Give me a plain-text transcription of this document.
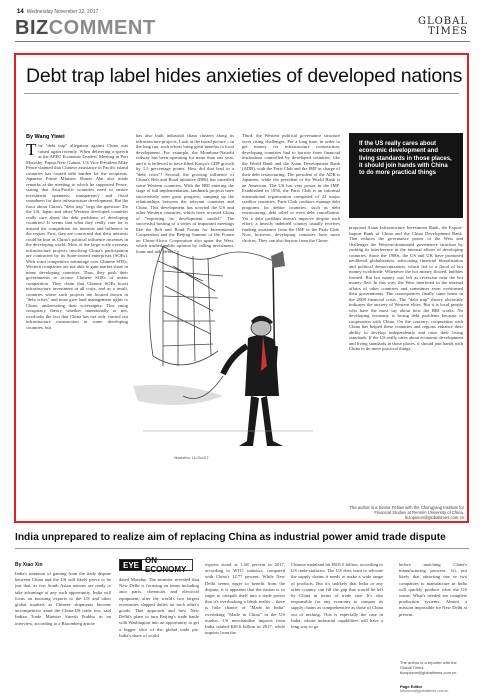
14 Wednesday November 22, 2017
BIZCOMMENT	GLOBAL
TIMES
Debt trap label hides anxieties of developed nations
By Wang Yiwei
The "debt trap" allegation against China was raised again recently. When delivering a speech at the APEC Economic Leaders' Meeting in Port Moresby, Papua New Guinea, US Vice President Mike Pence claimed that Chinese assistance to Pacific island countries has caused debt burden for the recipients. Japanese Prime Minister Shinzo Abe also made remarks at the meeting to which he supported Pence, stating that Asia-Pacific countries need to ensure investment openness, transparency and fiscal soundness for their infrastructure development. But the furor about China's "debt trap" begs the question: Do the US, Japan and other Western developed countries really care about the debt problems of developing countries? It seems that what they really care for is instead the competition for interests and influence in the region. First, they are concerned that their interests could be hurt as China's political influence increases in the developing world. Most of the large-scale overseas infrastructure projects involving China's participation are contracted by its State-owned enterprises (SOEs). With scant competitive advantage over Chinese SOEs, Western companies are not able to gain market share in many developing countries. Thus, they push their governments to accuse Chinese SOEs of unfair competition. They claim that Chinese SOEs boost infrastructure investment at all costs, and as a result, countries where such projects are located drown in "debt crises" and must give land management rights to China, undercutting their sovereignty. This smug conspiracy theory whether intentionally or not, overlooks the fact that China has not only carried out infrastructure construction in some developing countries, but
has also built industrial chain clusters along its infrastructure projects. Look at the broad picture – in the long run, such efforts bring great benefits to local development. For example, the Mombasa-Nairobi railway has been operating for more than one year, and it is believed to have lifted Kenya's GDP growth by 1.5 percentage points. How did that lead to a "debt crisis"? Second, the growing influence of China's Belt and Road initiative (BRI) has unsettled some Western countries. With the BRI entering the stage of full implementation, landmark projects have successively seen great progress, ramping up the relationships between the relevant countries and China. This development has worried the US and other Western countries, which have accused China of "exporting its development model." The successful hosting of a series of important meetings like the Belt and Road Forum for International Cooperation and the Beijing Summit of the Forum on China-Africa Cooperation also upset the West, which trashed public opinion by calling investment, loans and aid "debts."
Third, the Western political governance structure faces rising challenges. For a long time, in order to get money for infrastructure construction, developing countries had to borrow from financial institutions controlled by developed countries, like the World Bank and the Asian Development Bank (ADB), with the Paris Club and the IMF in charge of their debt restructuring. The president of the ADB is Japanese, while the president of the World Bank is an American. The US has veto power in the IMF. Established in 1956, the Paris Club is an informal international organization composed of 22 major creditor countries. Paris Club creditors manage debt programs for debtor countries, such as debt restructuring, debt relief or even debt cancellation. Yet a debt problem doesn't improve despite such effort; a heavily indebted country usually receives funding assistance from the IMF or the Paris Club. Now, however, developing countries have more choices. They can also borrow from the China-
If the US really cares about economic development and living standards in those places, it should join hands with China to do more practical things
proposed Asian Infrastructure Investment Bank, the Export-Import Bank of China and the China Development Bank. That reduces the governance power of the West and challenges the Western-dominated governance structure by curbing its interference in the internal affairs of developing countries. Since the 1980s, the US and UK have promoted neoliberal globalization, advocating financial liberalization and political democratization, which led to a flood of hot money worldwide. Whenever the hot money flowed, bubbles formed. But hot money was left as recession near the hot money fled. In this way, the West interfered in the internal affairs of other countries and sometimes even overturned their governments. The consequences finally came home in the 2008 financial crisis. The "debt trap" theory obviously indicates the anxiety of Western elites. But it is local people who have the most say about how the BRI works. No developing economy is facing debt problems because of cooperation with China. On the contrary, cooperation with China has helped these countries and regions enhance their ability to develop independently and raise their living standards. If the US really cares about economic development and living standards in those places, it should join hands with China to do more practical things.
The author is a Senior Fellow with the Chongyang Institute for Financial Studies at Renmin University of China. bizopinion@globaltimes.com.cn
Illustration: Liu Rui/GT
India unprepared to realize aim of replacing China as industrial power amid trade dispute
By Xiao Xin	EYE ON ECONOMY
India's intention of gaining from the trade dispute between China and the US will likely prove to be just that, as few South Asian nations are ready to take advantage of any such opportunity. India will focus on boosting exports to the US and other global markets as Chinese shipments become uncompetitive amid the China-US trade row, said Indian Trade Minister Suresh Prabhu in an interview, according to a Bloomberg article
dated Monday. The minister revealed that New Delhi is focusing on items including auto parts, chemicals and electrical equipment, after the world's two largest economies slapped duties on each other's goods. That approach and how New Delhi's plans to turn Beijing's trade battle with Washington into an opportunity to get a bigger slice of the global trade pie. India's share of world
exports stood at 1.68 percent in 2017, according to WTO statistics, compared with China's 12.77 percent. While New Delhi seems eager to benefit from the dispute, it is apparent that the nation is so eager to catapult itself into a trade power that it's overlooking a bleak reality – there is little chance of "Made in India" overtaking "Made in China" in the US market. US merchandise imports from India totaled $48.6 billion in 2017, while imports from the
Chinese mainland hit $505.5 billion, according to US trade statistics. The US does want to relocate the supply chains it needs to make a wide range of products. But it's unlikely that India or any other country can fill the gap that would be left by China in terms of trade size. It's also responsible for any economy to conquer its supply chains as comprehensive as those of China out of nothing. This is especially the case in India, whose industrial capabilities will have a long way to go
before matching China's manufacturing prowess. It's not likely that attracting one or two companies to manufacture in India will quickly produce what the US wants. What's needed are complete production systems. Almost a mission impossible for New Delhi at present.
The author is a reporter with the Global Times. bizopinion@globaltimes.com.cn
Page Editor
lizhencun@globaltimes.com.cn
